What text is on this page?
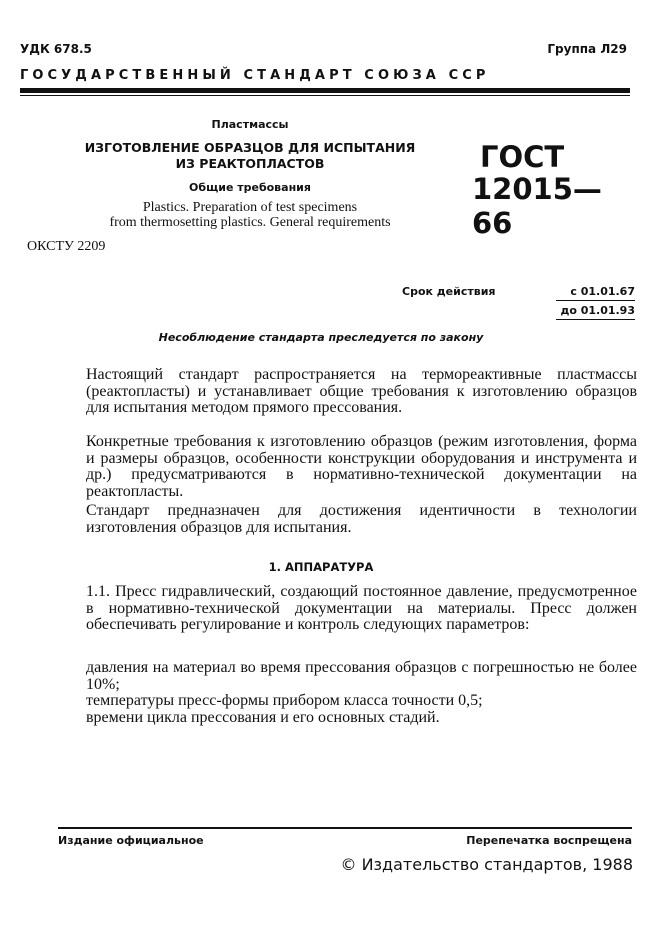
УДК 678.5	Группа Л29
ГОСУДАРСТВЕННЫЙ СТАНДАРТ СОЮЗА ССР
Пластмассы
ИЗГОТОВЛЕНИЕ ОБРАЗЦОВ ДЛЯ ИСПЫТАНИЯ
ИЗ РЕАКТОПЛАСТОВ
Общие требования
Plastics. Preparation of test specimens
from thermosetting plastics. General requirements
ГОСТ
12015—66
ОКСТУ 2209
Срок действия	с 01.01.67
до 01.01.93
Несоблюдение стандарта преследуется по закону

Настоящий стандарт распространяется на термореактивные пластмассы (реактопласты) и устанавливает общие требования к изготовлению образцов для испытания методом прямого прессования.

Конкретные требования к изготовлению образцов (режим изготовления, форма и размеры образцов, особенности конструкции оборудования и инструмента и др.) предусматриваются в нормативно-технической документации на реактопласты.

Стандарт предназначен для достижения идентичности в технологии изготовления образцов для испытания.

1. АППАРАТУРА

1.1. Пресс гидравлический, создающий постоянное давление, предусмотренное в нормативно-технической документации на материалы. Пресс должен обеспечивать регулирование и контроль следующих параметров:

давления на материал во время прессования образцов с погрешностью не более 10%;

температуры пресс-формы прибором класса точности 0,5;

времени цикла прессования и его основных стадий.

Издание официальное	Перепечатка воспрещена
© Издательство стандартов, 1988
